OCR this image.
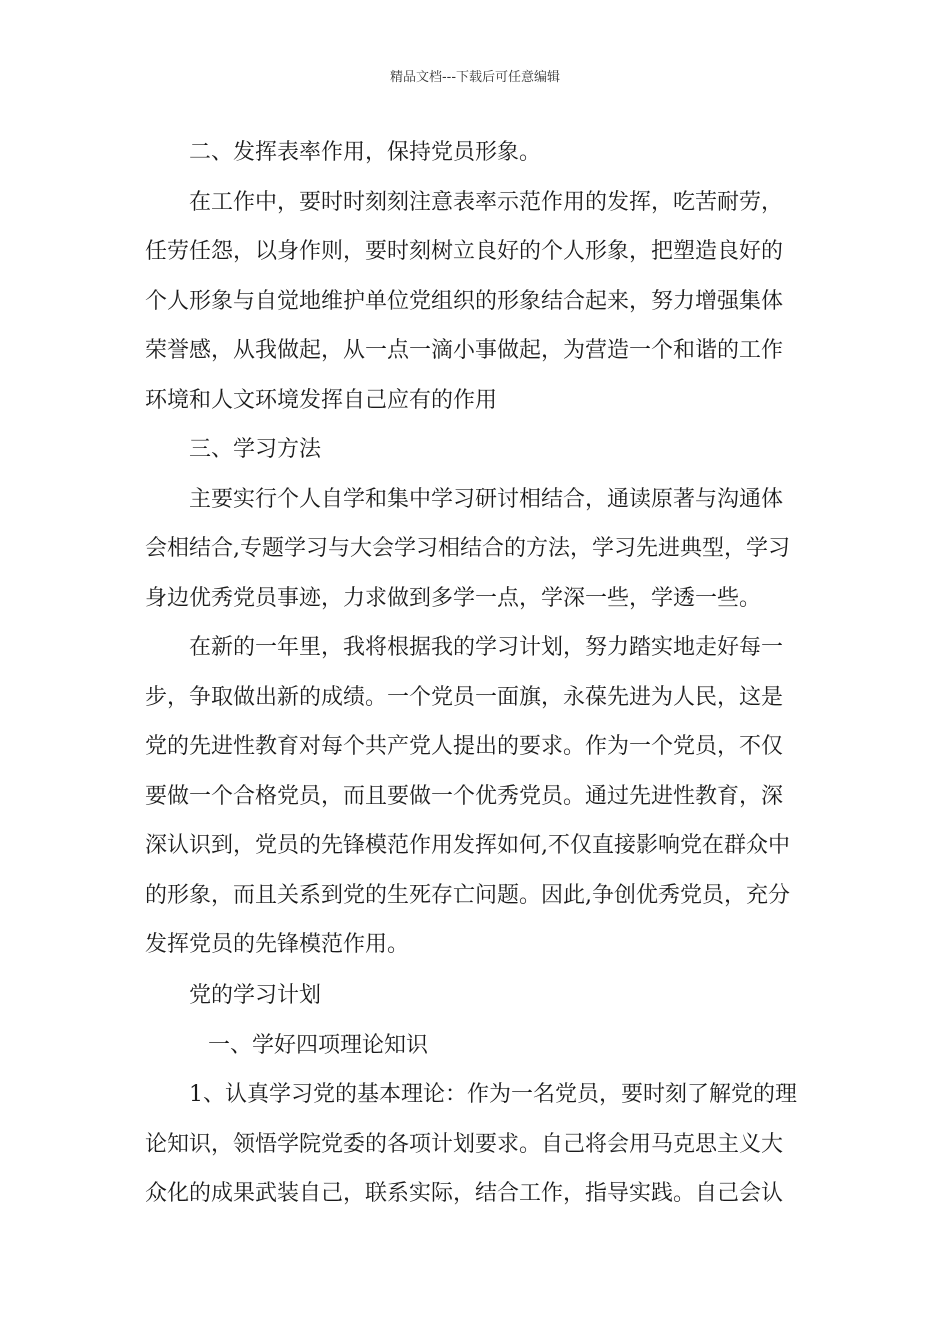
精品文档---下载后可任意编辑
二、发挥表率作用，保持党员形象。
在工作中，要时时刻刻注意表率示范作用的发挥，吃苦耐劳，
任劳任怨，以身作则，要时刻树立良好的个人形象，把塑造良好的
个人形象与自觉地维护单位党组织的形象结合起来，努力增强集体
荣誉感，从我做起，从一点一滴小事做起，为营造一个和谐的工作
环境和人文环境发挥自己应有的作用
三、学习方法
主要实行个人自学和集中学习研讨相结合，通读原著与沟通体
会相结合,专题学习与大会学习相结合的方法，学习先进典型，学习
身边优秀党员事迹，力求做到多学一点，学深一些，学透一些。
在新的一年里，我将根据我的学习计划，努力踏实地走好每一
步，争取做出新的成绩。一个党员一面旗，永葆先进为人民，这是
党的先进性教育对每个共产党人提出的要求。作为一个党员，不仅
要做一个合格党员，而且要做一个优秀党员。通过先进性教育，深
深认识到，党员的先锋模范作用发挥如何,不仅直接影响党在群众中
的形象，而且关系到党的生死存亡问题。因此,争创优秀党员，充分
发挥党员的先锋模范作用。
党的学习计划
一、学好四项理论知识
1、认真学习党的基本理论：作为一名党员，要时刻了解党的理
论知识，领悟学院党委的各项计划要求。自己将会用马克思主义大
众化的成果武装自己，联系实际，结合工作，指导实践。自己会认
